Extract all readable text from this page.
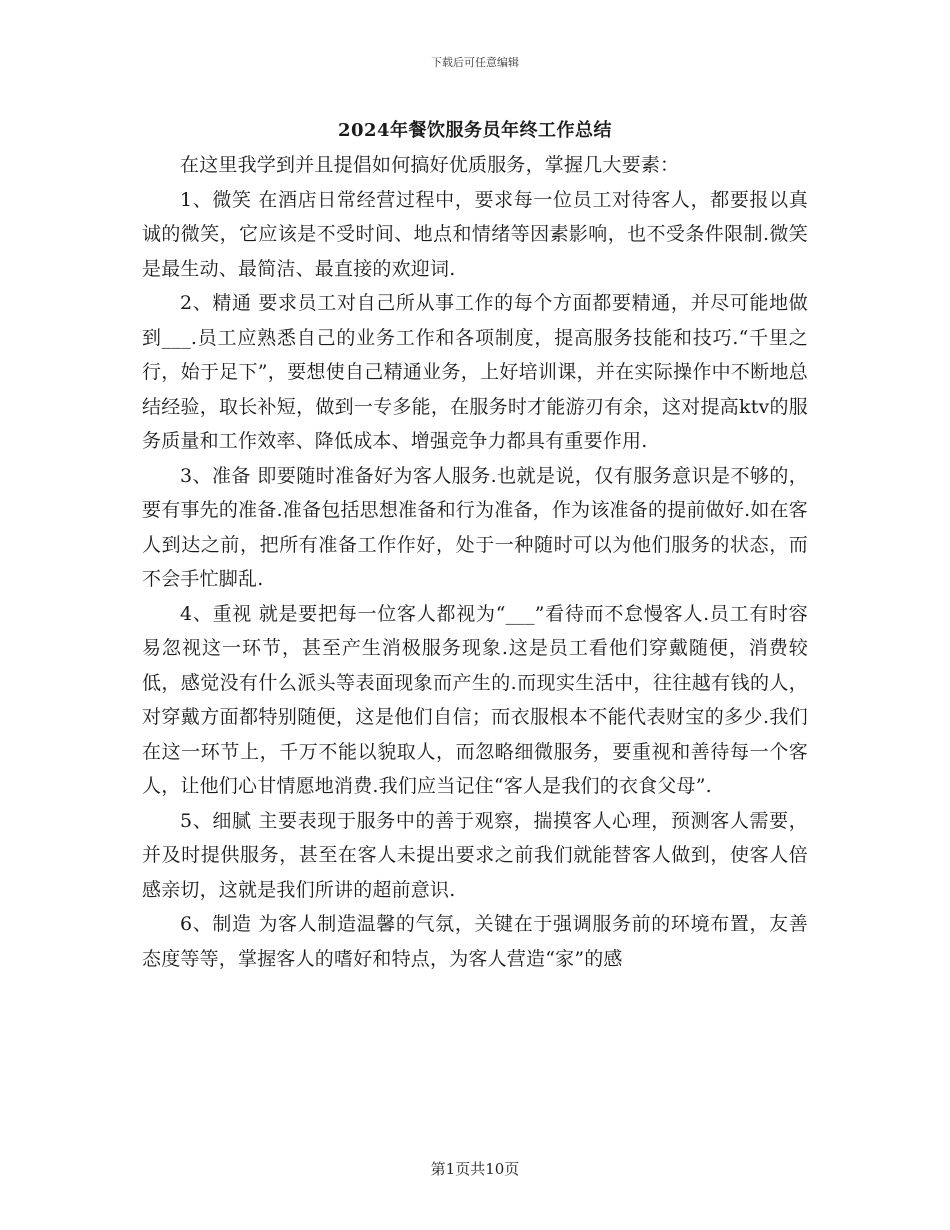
下载后可任意编辑
2024年餐饮服务员年终工作总结

在这里我学到并且提倡如何搞好优质服务，掌握几大要素：

1、微笑 在酒店日常经营过程中，要求每一位员工对待客人，都要报以真诚的微笑，它应该是不受时间、地点和情绪等因素影响，也不受条件限制.微笑是最生动、最简洁、最直接的欢迎词.

2、精通 要求员工对自己所从事工作的每个方面都要精通，并尽可能地做到___.员工应熟悉自己的业务工作和各项制度，提高服务技能和技巧.“千里之行，始于足下”，要想使自己精通业务，上好培训课，并在实际操作中不断地总结经验，取长补短，做到一专多能，在服务时才能游刃有余，这对提高ktv的服务质量和工作效率、降低成本、增强竞争力都具有重要作用.

3、准备 即要随时准备好为客人服务.也就是说，仅有服务意识是不够的，要有事先的准备.准备包括思想准备和行为准备，作为该准备的提前做好.如在客人到达之前，把所有准备工作作好，处于一种随时可以为他们服务的状态，而不会手忙脚乱.

4、重视 就是要把每一位客人都视为“___”看待而不怠慢客人.员工有时容易忽视这一环节，甚至产生消极服务现象.这是员工看他们穿戴随便，消费较低，感觉没有什么派头等表面现象而产生的.而现实生活中，往往越有钱的人，对穿戴方面都特别随便，这是他们自信；而衣服根本不能代表财宝的多少.我们在这一环节上，千万不能以貌取人，而忽略细微服务，要重视和善待每一个客人，让他们心甘情愿地消费.我们应当记住“客人是我们的衣食父母”.

5、细腻 主要表现于服务中的善于观察，揣摸客人心理，预测客人需要，并及时提供服务，甚至在客人未提出要求之前我们就能替客人做到，使客人倍感亲切，这就是我们所讲的超前意识.

6、制造 为客人制造温馨的气氛，关键在于强调服务前的环境布置，友善态度等等，掌握客人的嗜好和特点，为客人营造“家”的感

第1页共10页
